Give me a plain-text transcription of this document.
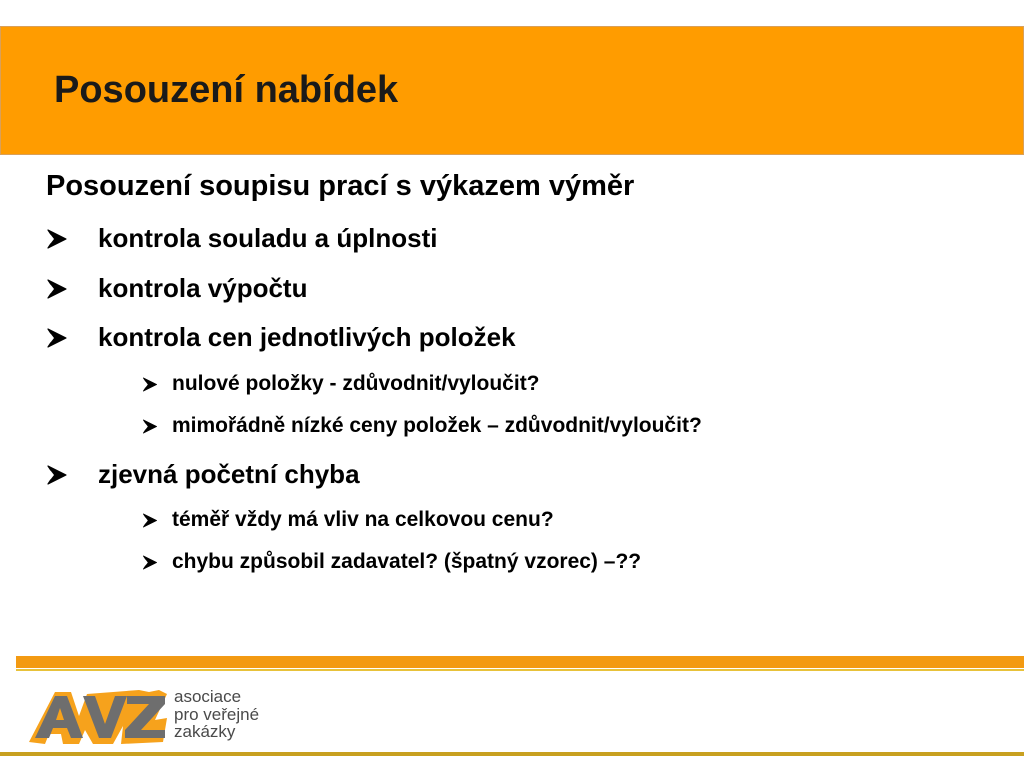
Posouzení nabídek
Posouzení soupisu prací s výkazem výměr
kontrola souladu a úplnosti
kontrola výpočtu
kontrola cen jednotlivých položek
nulové položky - zdůvodnit/vyloučit?
mimořádně nízké ceny položek – zdůvodnit/vyloučit?
zjevná početní chyba
téměř vždy má vliv na celkovou cenu?
chybu způsobil zadavatel? (špatný vzorec) –??
asociace
pro veřejné
zakázky
